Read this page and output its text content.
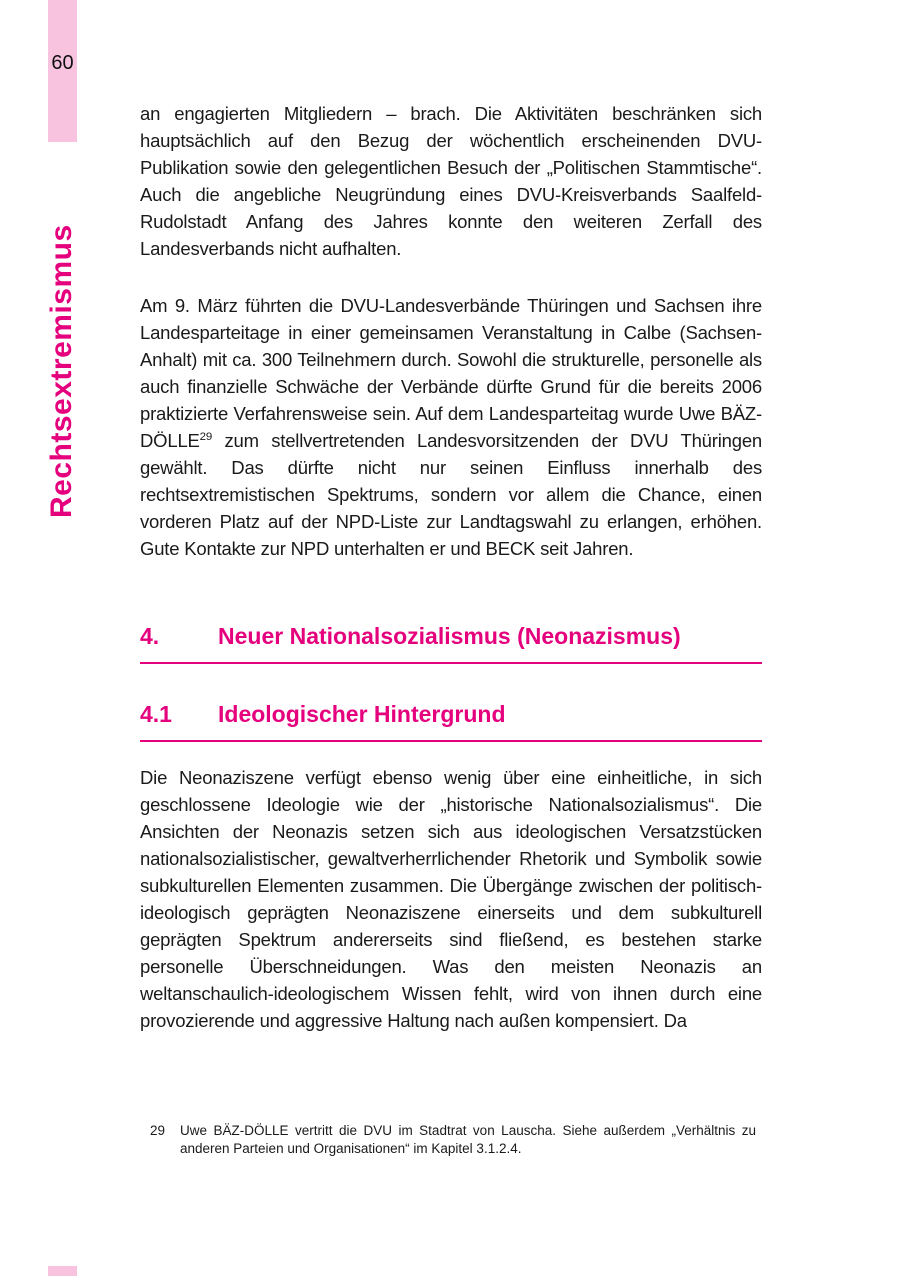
60
Rechtsextremismus

an engagierten Mitgliedern – brach. Die Aktivitäten beschränken sich hauptsächlich auf den Bezug der wöchentlich erscheinenden DVU-Publikation sowie den gelegentlichen Besuch der „Politischen Stammtische“. Auch die angebliche Neugründung eines DVU-Kreisverbands Saalfeld-Rudolstadt Anfang des Jahres konnte den weiteren Zerfall des Landesverbands nicht aufhalten.

Am 9. März führten die DVU-Landesverbände Thüringen und Sachsen ihre Landesparteitage in einer gemeinsamen Veranstaltung in Calbe (Sachsen-Anhalt) mit ca. 300 Teilnehmern durch. Sowohl die strukturelle, personelle als auch finanzielle Schwäche der Verbände dürfte Grund für die bereits 2006 praktizierte Verfahrensweise sein. Auf dem Landesparteitag wurde Uwe BÄZ-DÖLLE$^{29}$ zum stellvertretenden Landesvorsitzenden der DVU Thüringen gewählt. Das dürfte nicht nur seinen Einfluss innerhalb des rechtsextremistischen Spektrums, sondern vor allem die Chance, einen vorderen Platz auf der NPD-Liste zur Landtagswahl zu erlangen, erhöhen. Gute Kontakte zur NPD unterhalten er und BECK seit Jahren.

4.	Neuer Nationalsozialismus (Neonazismus)
4.1	Ideologischer Hintergrund

Die Neonaziszene verfügt ebenso wenig über eine einheitliche, in sich geschlossene Ideologie wie der „historische Nationalsozialismus“. Die Ansichten der Neonazis setzen sich aus ideologischen Versatzstücken nationalsozialistischer, gewaltverherrlichender Rhetorik und Symbolik sowie subkulturellen Elementen zusammen. Die Übergänge zwischen der politisch-ideologisch geprägten Neonaziszene einerseits und dem subkulturell geprägten Spektrum andererseits sind fließend, es bestehen starke personelle Überschneidungen. Was den meisten Neonazis an weltanschaulich-ideologischem Wissen fehlt, wird von ihnen durch eine provozierende und aggressive Haltung nach außen kompensiert. Da

29	Uwe BÄZ-DÖLLE vertritt die DVU im Stadtrat von Lauscha. Siehe außerdem „Verhältnis zu anderen Parteien und Organisationen“ im Kapitel 3.1.2.4.
